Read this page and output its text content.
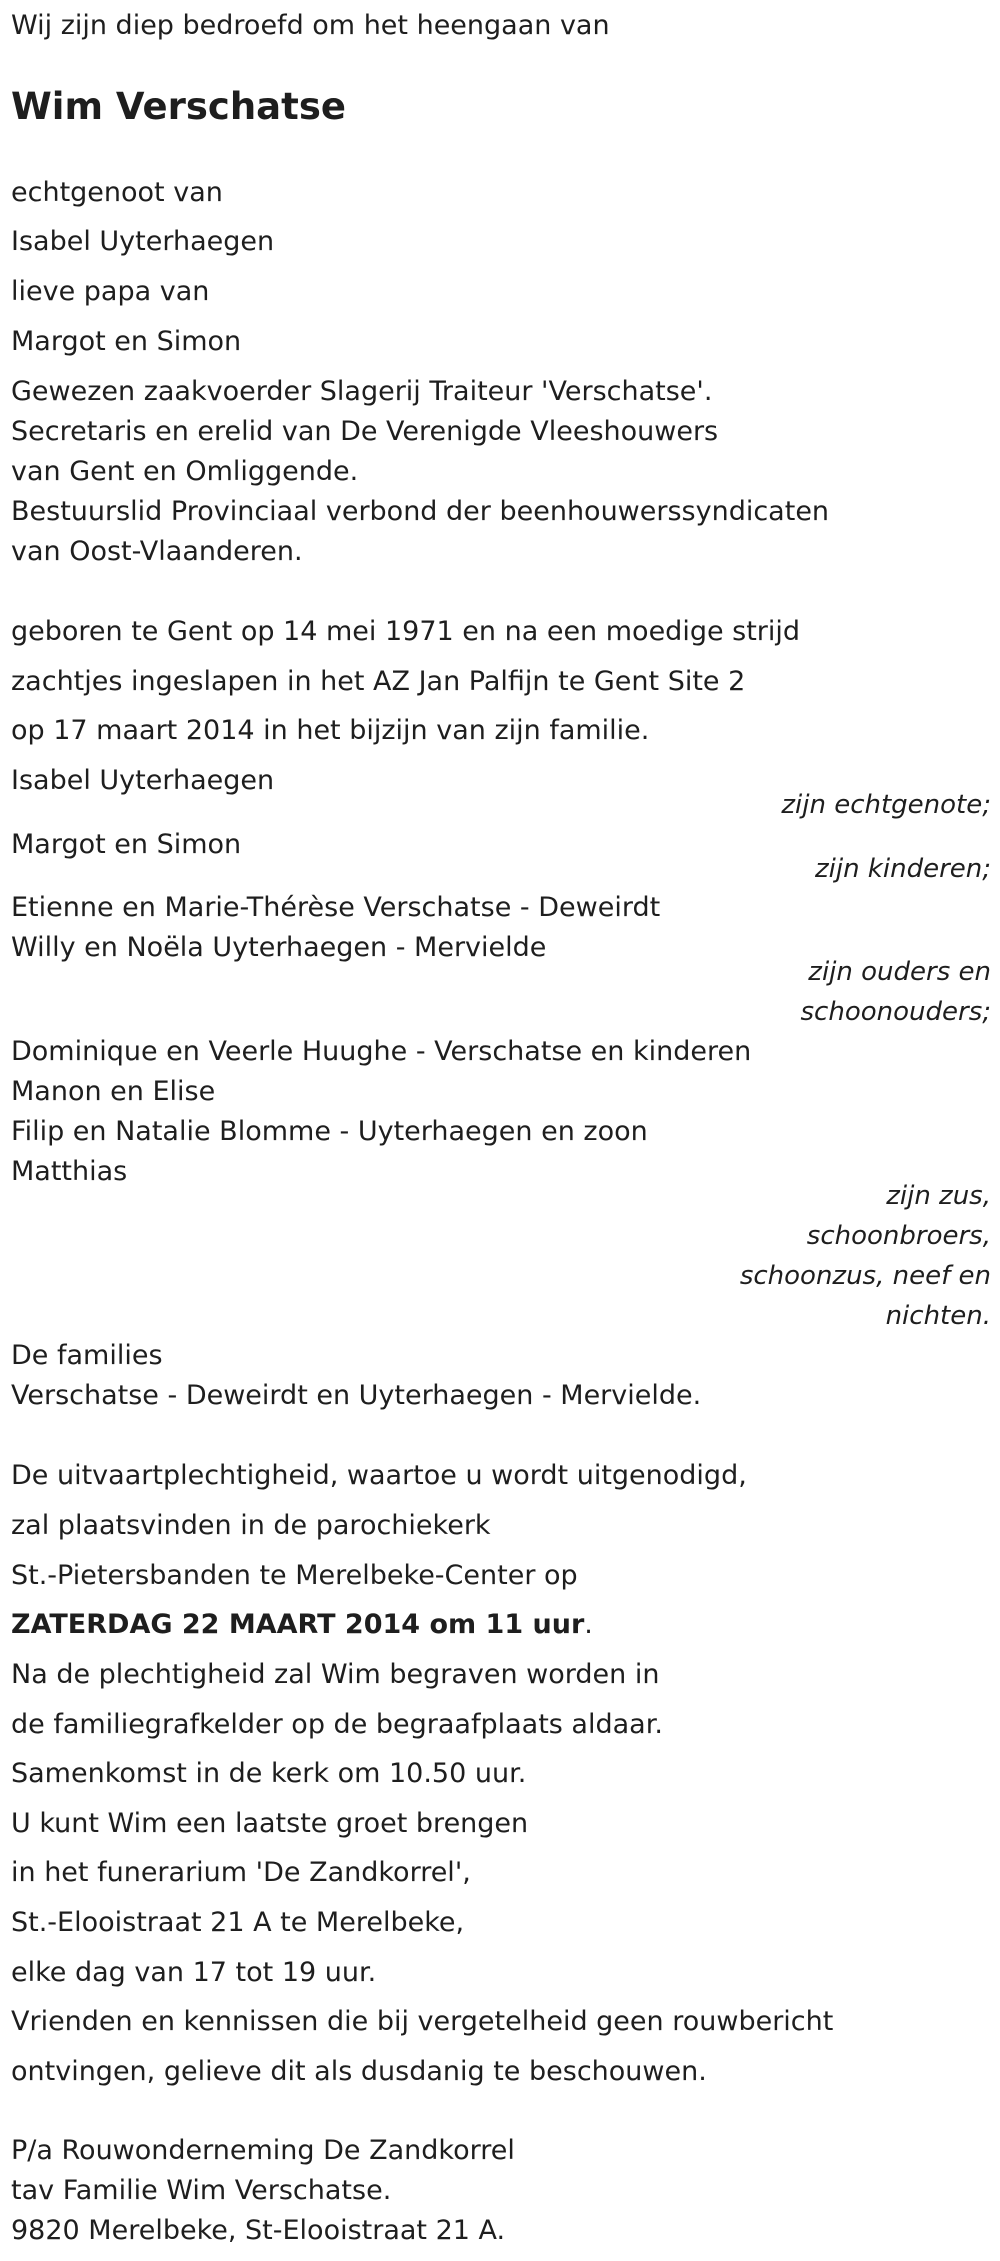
Wij zijn diep bedroefd om het heengaan van
Wim Verschatse
echtgenoot van
Isabel Uyterhaegen
lieve papa van
Margot en Simon
Gewezen zaakvoerder Slagerij Traiteur 'Verschatse'.
Secretaris en erelid van De Verenigde Vleeshouwers
van Gent en Omliggende.
Bestuurslid Provinciaal verbond der beenhouwerssyndicaten
van Oost-Vlaanderen.
geboren te Gent op 14 mei 1971 en na een moedige strijd
zachtjes ingeslapen in het AZ Jan Palfijn te Gent Site 2
op 17 maart 2014 in het bijzijn van zijn familie.
Isabel Uyterhaegen
zijn echtgenote;
Margot en Simon
zijn kinderen;
Etienne en Marie-Thérèse Verschatse - Deweirdt
Willy en Noëla Uyterhaegen - Mervielde
zijn ouders en
schoonouders;
Dominique en Veerle Huughe - Verschatse en kinderen
Manon en Elise
Filip en Natalie Blomme - Uyterhaegen en zoon
Matthias
zijn zus,
schoonbroers,
schoonzus, neef en
nichten.
De families
Verschatse - Deweirdt en Uyterhaegen - Mervielde.
De uitvaartplechtigheid, waartoe u wordt uitgenodigd,
zal plaatsvinden in de parochiekerk
St.-Pietersbanden te Merelbeke-Center op
ZATERDAG 22 MAART 2014 om 11 uur.
Na de plechtigheid zal Wim begraven worden in
de familiegrafkelder op de begraafplaats aldaar.
Samenkomst in de kerk om 10.50 uur.
U kunt Wim een laatste groet brengen
in het funerarium 'De Zandkorrel',
St.-Elooistraat 21 A te Merelbeke,
elke dag van 17 tot 19 uur.
Vrienden en kennissen die bij vergetelheid geen rouwbericht
ontvingen, gelieve dit als dusdanig te beschouwen.
P/a Rouwonderneming De Zandkorrel
tav Familie Wim Verschatse.
9820 Merelbeke, St-Elooistraat 21 A.
